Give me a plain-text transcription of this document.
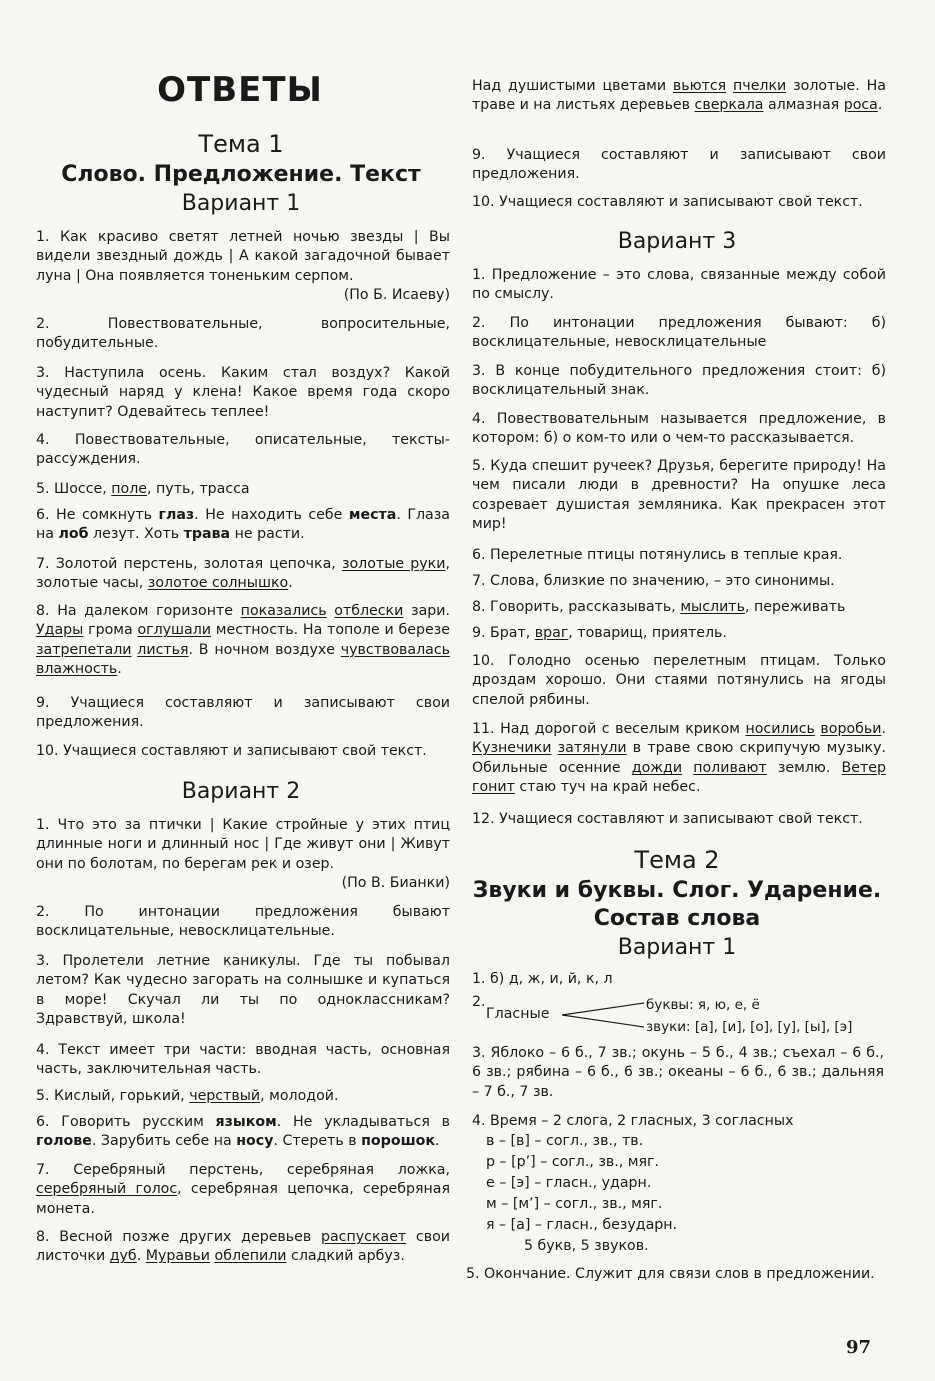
ОТВЕТЫ
Тема 1
Слово. Предложение. Текст
Вариант 1
1. Как красиво светят летней ночью звезды | Вы видели звездный дождь | А какой загадочной бывает луна | Она появляется тоненьким серпом.
(По Б. Исаеву)
2. Повествовательные, вопросительные, побудительные.
3. Наступила осень. Каким стал воздух? Какой чудесный наряд у клена! Какое время года скоро наступит? Одевайтесь теплее!
4. Повествовательные, описательные, тексты-рассуждения.
5. Шоссе, поле, путь, трасса
6. Не сомкнуть глаз. Не находить себе места. Глаза на лоб лезут. Хоть трава не расти.
7. Золотой перстень, золотая цепочка, золотые руки, золотые часы, золотое солнышко.
8. На далеком горизонте показались отблески зари. Удары грома оглушали местность. На тополе и березе затрепетали листья. В ночном воздухе чувствовалась влажность.
9. Учащиеся составляют и записывают свои предложения.
10. Учащиеся составляют и записывают свой текст.
Вариант 2
1. Что это за птички | Какие стройные у этих птиц длинные ноги и длинный нос | Где живут они | Живут они по болотам, по берегам рек и озер.
(По В. Бианки)
2. По интонации предложения бывают восклицательные, невосклицательные.
3. Пролетели летние каникулы. Где ты побывал летом? Как чудесно загорать на солнышке и купаться в море! Скучал ли ты по одноклассникам? Здравствуй, школа!
4. Текст имеет три части: вводная часть, основная часть, заключительная часть.
5. Кислый, горький, черствый, молодой.
6. Говорить русским языком. Не укладываться в голове. Зарубить себе на носу. Стереть в порошок.
7. Серебряный перстень, серебряная ложка, серебряный голос, серебряная цепочка, серебряная монета.
8. Весной позже других деревьев распускает свои листочки дуб. Муравьи облепили сладкий арбуз.
Над душистыми цветами вьются пчелки золотые. На траве и на листьях деревьев сверкала алмазная роса.
9. Учащиеся составляют и записывают свои предложения.
10. Учащиеся составляют и записывают свой текст.
Вариант 3
1. Предложение – это слова, связанные между собой по смыслу.
2. По интонации предложения бывают: б) восклицательные, невосклицательные
3. В конце побудительного предложения стоит: б) восклицательный знак.
4. Повествовательным называется предложение, в котором: б) о ком-то или о чем-то рассказывается.
5. Куда спешит ручеек? Друзья, берегите природу! На чем писали люди в древности? На опушке леса созревает душистая земляника. Как прекрасен этот мир!
6. Перелетные птицы потянулись в теплые края.
7. Слова, близкие по значению, – это синонимы.
8. Говорить, рассказывать, мыслить, переживать
9. Брат, враг, товарищ, приятель.
10. Голодно осенью перелетным птицам. Только дроздам хорошо. Они стаями потянулись на ягоды спелой рябины.
11. Над дорогой с веселым криком носились воробьи. Кузнечики затянули в траве свою скрипучую музыку. Обильные осенние дожди поливают землю. Ветер гонит стаю туч на край небес.
12. Учащиеся составляют и записывают свой текст.
Тема 2
Звуки и буквы. Слог. Ударение.
Состав слова
Вариант 1
1. б) д, ж, и, й, к, л
2.
Гласные
буквы: я, ю, е, ё
звуки: [а], [и], [о], [у], [ы], [э]
3. Яблоко – 6 б., 7 зв.; окунь – 5 б., 4 зв.; съехал – 6 б., 6 зв.; рябина – 6 б., 6 зв.; океаны – 6 б., 6 зв.; дальняя – 7 б., 7 зв.
4. Время – 2 слога, 2 гласных, 3 согласных
в – [в] – согл., зв., тв.
р – [р’] – согл., зв., мяг.
е – [э] – гласн., ударн.
м – [м’] – согл., зв., мяг.
я – [а] – гласн., безударн.
5 букв, 5 звуков.
5. Окончание. Служит для связи слов в предложении.
97
